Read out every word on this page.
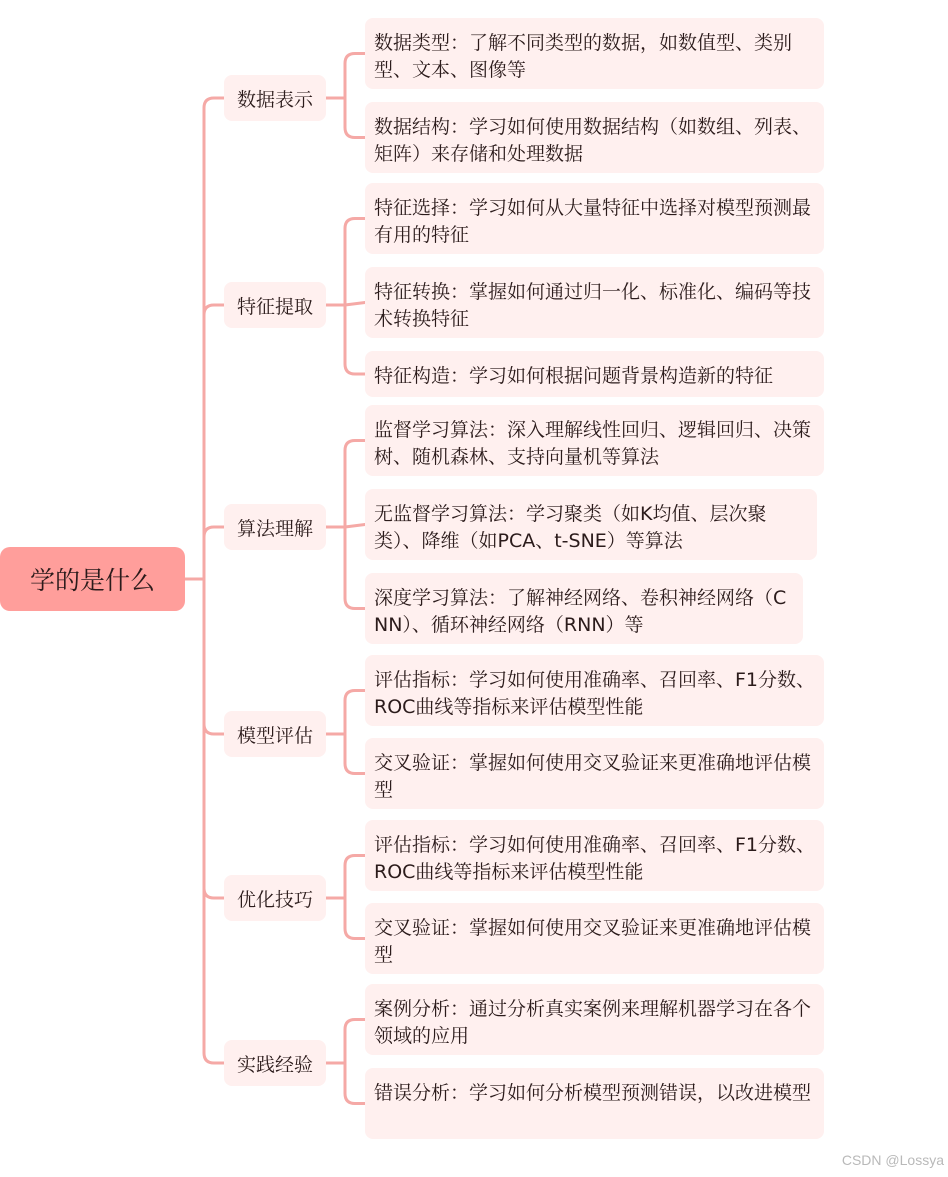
学的是什么
数据表示
数据类型：了解不同类型的数据，如数值型、类别型、文本、图像等
数据结构：学习如何使用数据结构（如数组、列表、矩阵）来存储和处理数据
特征提取
特征选择：学习如何从大量特征中选择对模型预测最有用的特征
特征转换：掌握如何通过归一化、标准化、编码等技术转换特征
特征构造：学习如何根据问题背景构造新的特征
算法理解
监督学习算法：深入理解线性回归、逻辑回归、决策树、随机森林、支持向量机等算法
无监督学习算法：学习聚类（如K均值、层次聚类）、降维（如PCA、t-SNE）等算法
深度学习算法：了解神经网络、卷积神经网络（CNN）、循环神经网络（RNN）等
模型评估
评估指标：学习如何使用准确率、召回率、F1分数、ROC曲线等指标来评估模型性能
交叉验证：掌握如何使用交叉验证来更准确地评估模型
优化技巧
评估指标：学习如何使用准确率、召回率、F1分数、ROC曲线等指标来评估模型性能
交叉验证：掌握如何使用交叉验证来更准确地评估模型
实践经验
案例分析：通过分析真实案例来理解机器学习在各个领域的应用
错误分析：学习如何分析模型预测错误，以改进模型
CSDN @Lossya
